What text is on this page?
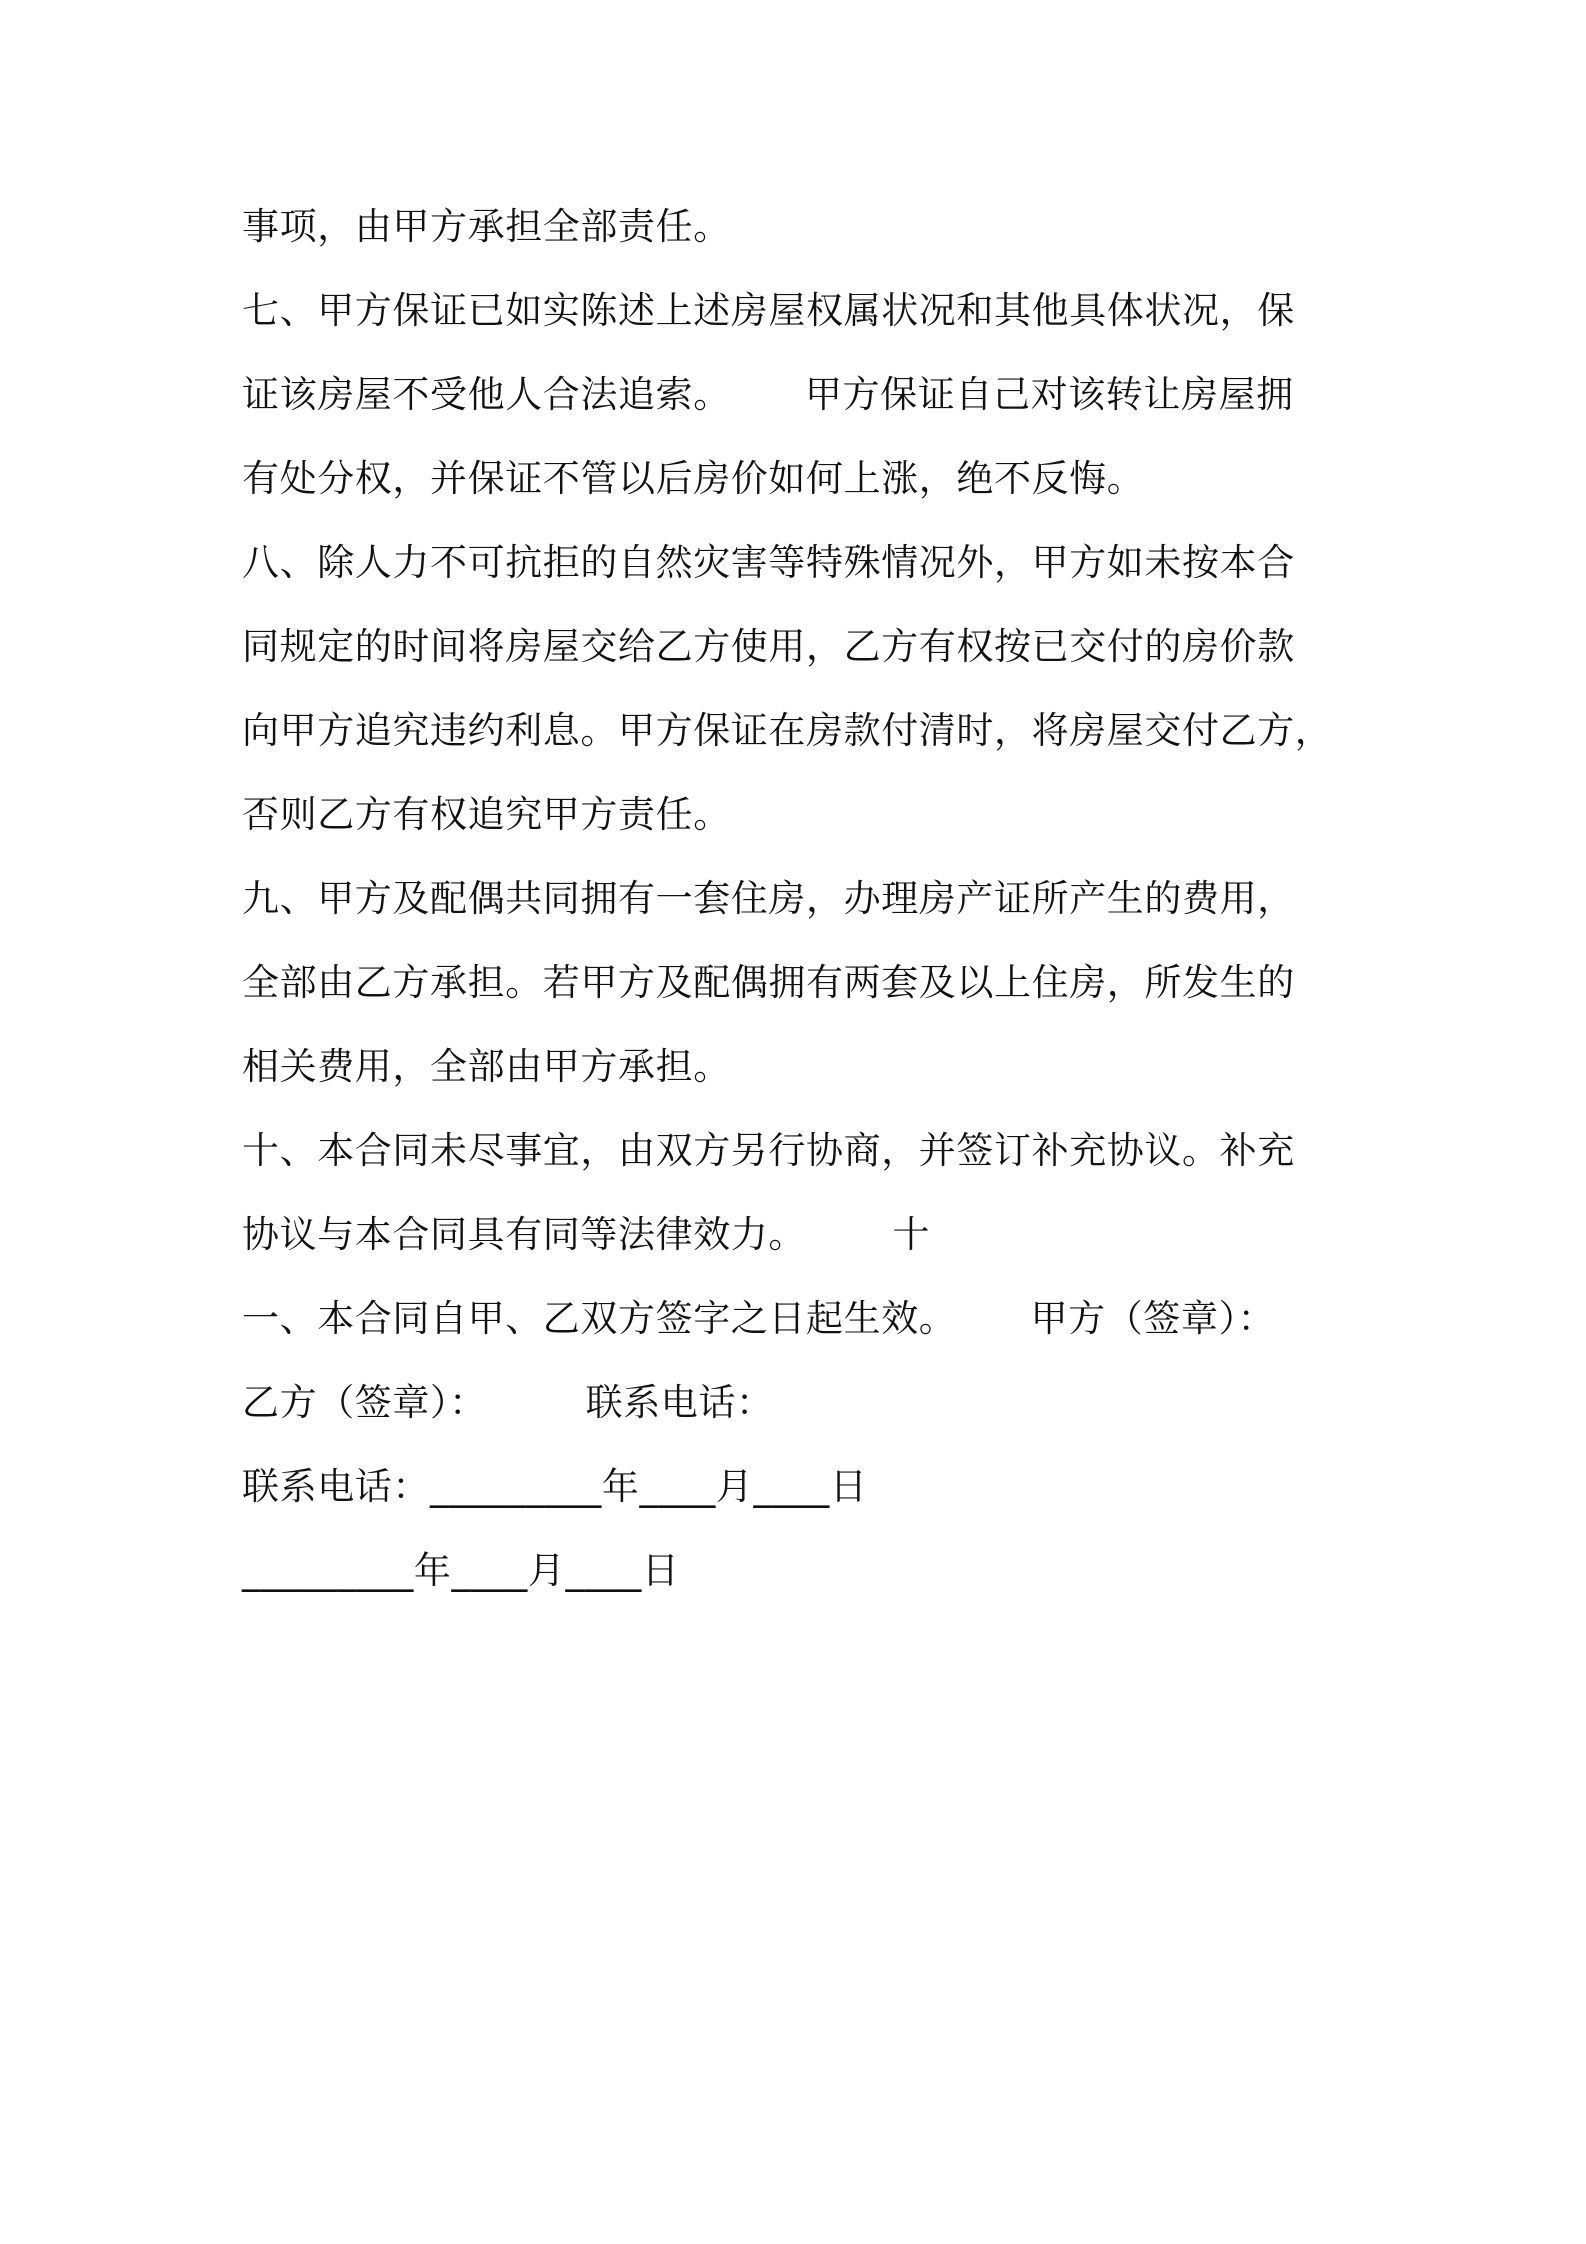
事项，由甲方承担全部责任。

七、甲方保证已如实陈述上述房屋权属状况和其他具体状况，保

证该房屋不受他人合法追索。      甲方保证自己对该转让房屋拥

有处分权，并保证不管以后房价如何上涨，绝不反悔。

八、除人力不可抗拒的自然灾害等特殊情况外，甲方如未按本合

同规定的时间将房屋交给乙方使用，乙方有权按已交付的房价款

向甲方追究违约利息。甲方保证在房款付清时，将房屋交付乙方，

否则乙方有权追究甲方责任。

九、甲方及配偶共同拥有一套住房，办理房产证所产生的费用，

全部由乙方承担。若甲方及配偶拥有两套及以上住房，所发生的

相关费用，全部由甲方承担。

十、本合同未尽事宜，由双方另行协商，并签订补充协议。补充

协议与本合同具有同等法律效力。       十

一、本合同自甲、乙双方签字之日起生效。      甲方（签章）：

乙方（签章）：        联系电话：

联系电话：_________年____月____日

_________年____月____日
